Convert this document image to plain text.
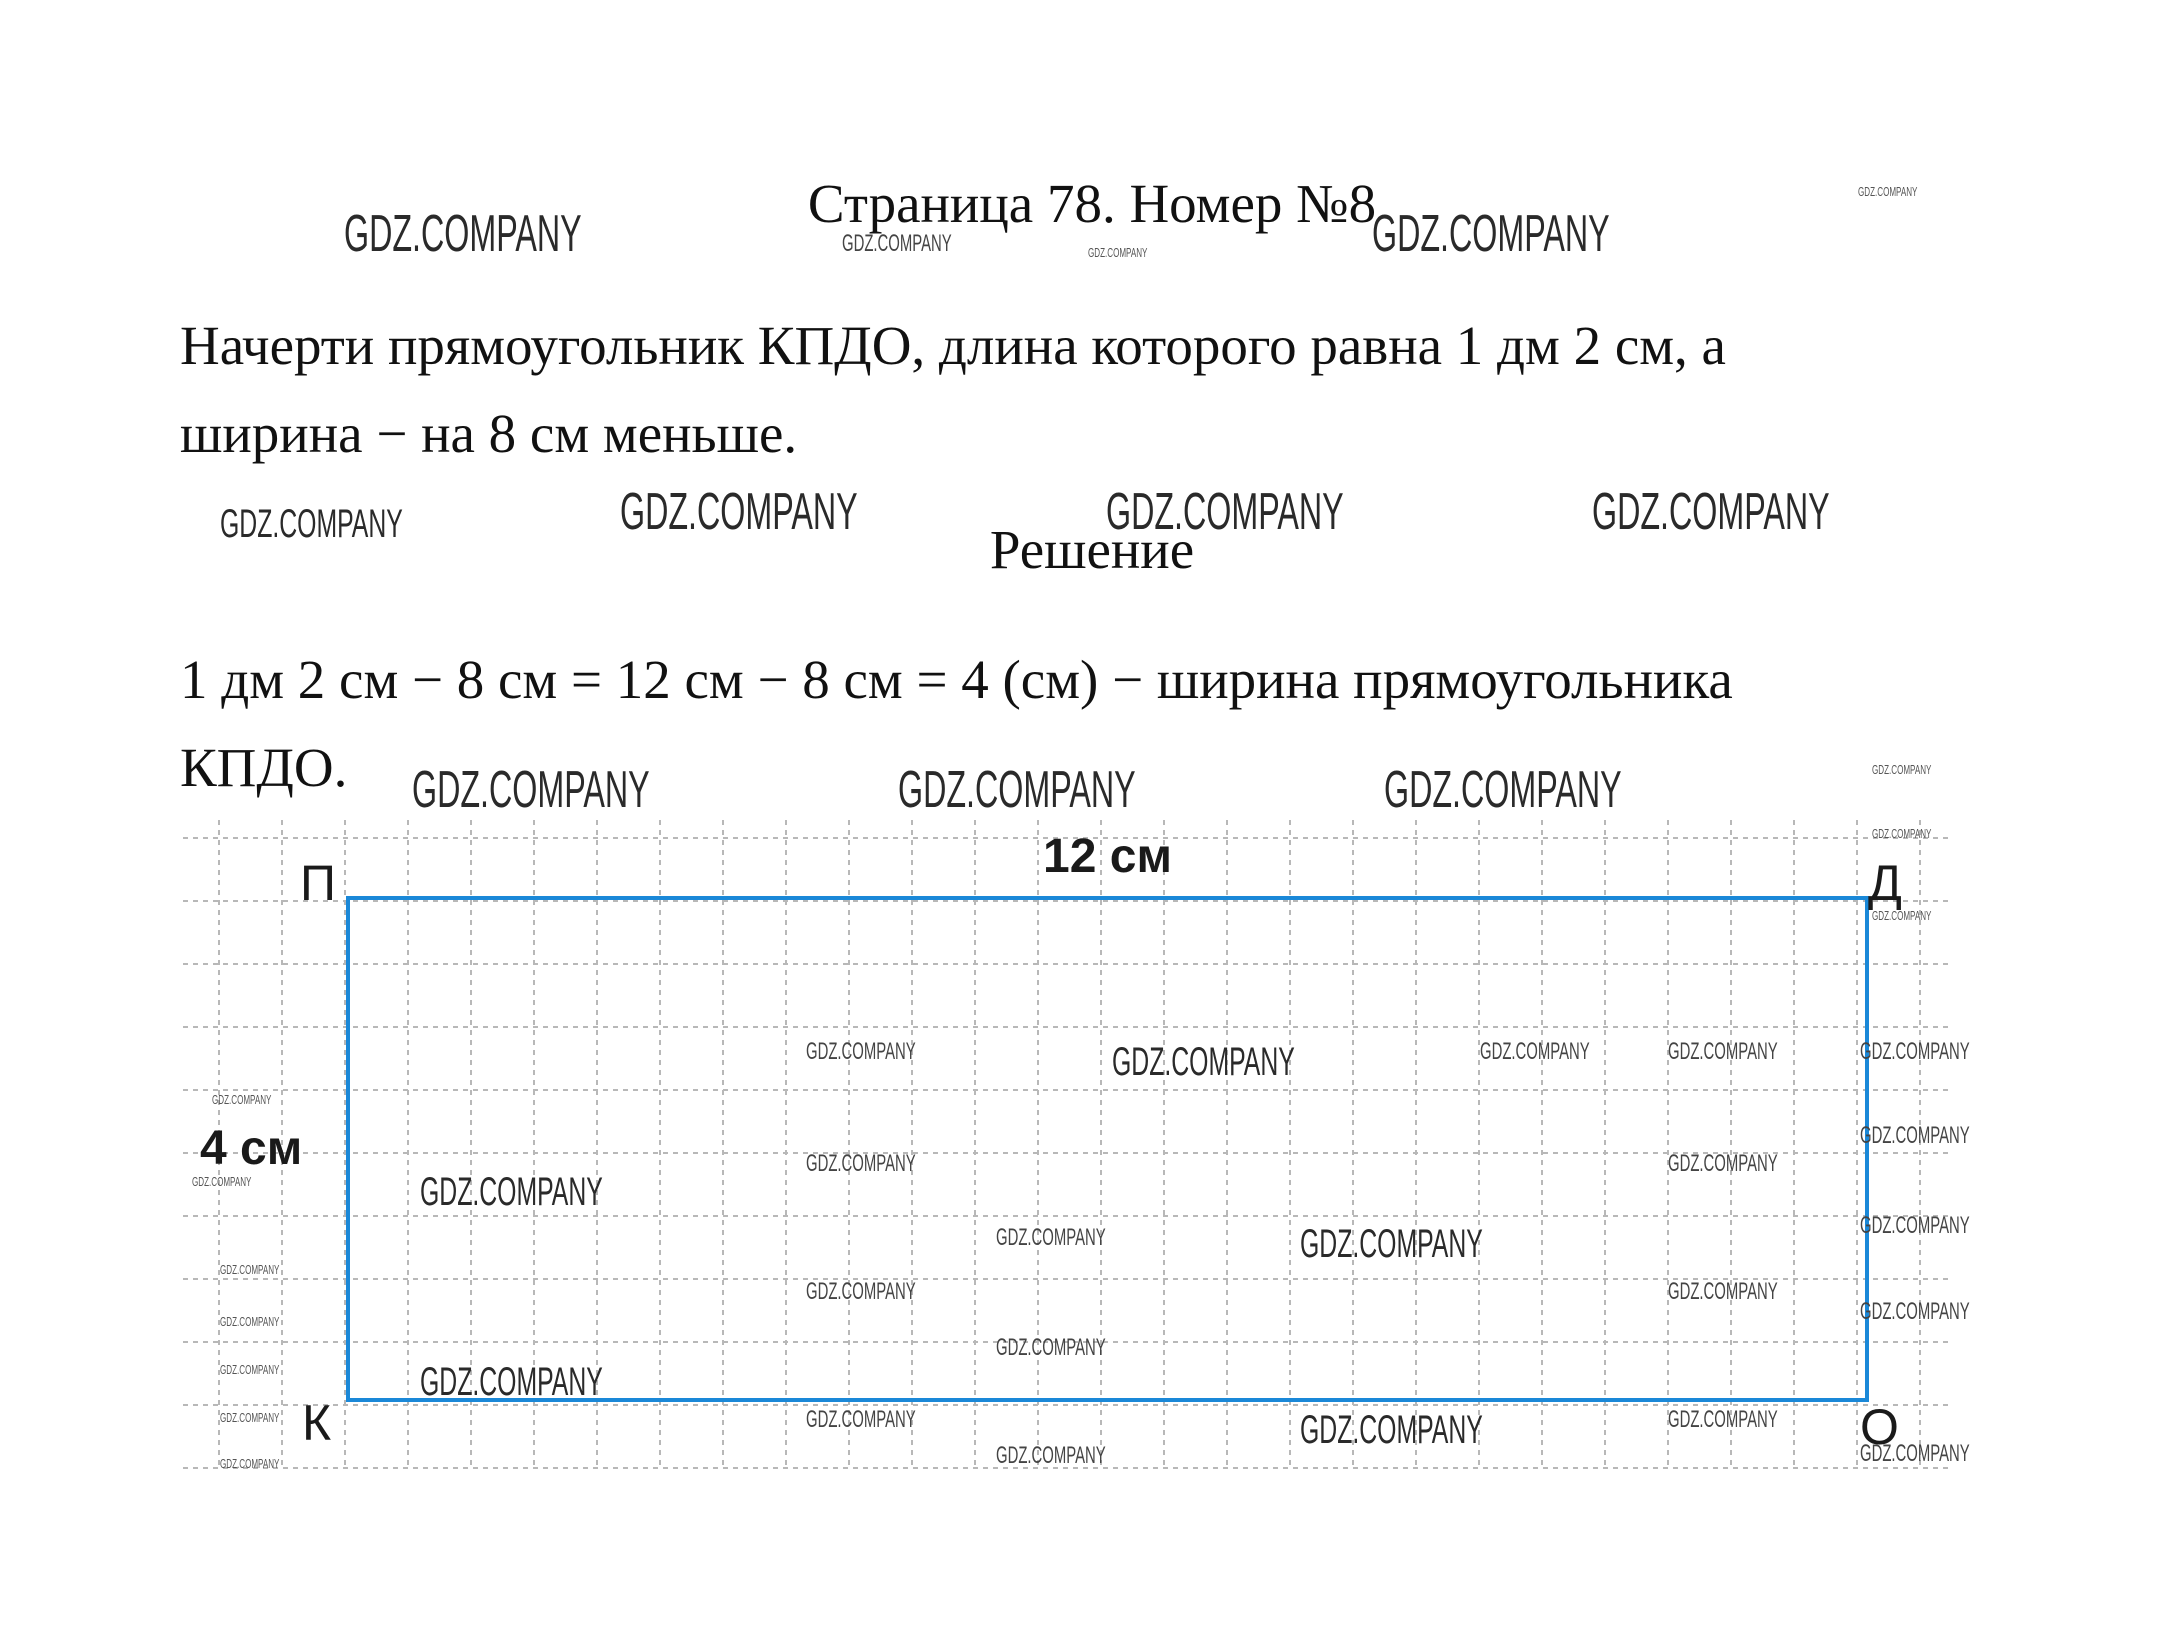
Страница 78. Номер №8
Начерти прямоугольник КПДО, длина которого равна 1 дм 2 см, а
ширина − на 8 см меньше.
Решение
1 дм 2 см − 8 см = 12 см − 8 см = 4 (см) − ширина прямоугольника
КПДО.
П	Д
К	О
12 см
4 см
GDZ.COMPANY	GDZ.COMPANY
GDZ.COMPANY	GDZ.COMPANY
GDZ.COMPANY
GDZ.COMPANY	GDZ.COMPANY	GDZ.COMPANY	GDZ.COMPANY
GDZ.COMPANY	GDZ.COMPANY	GDZ.COMPANY	GDZ.COMPANY
GDZ.COMPANY
GDZ.COMPANY
GDZ.COMPANY	GDZ.COMPANY	GDZ.COMPANY	GDZ.COMPANY	GDZ.COMPANY
GDZ.COMPANY
GDZ.COMPANY	GDZ.COMPANY
GDZ.COMPANY	GDZ.COMPANY
GDZ.COMPANY
GDZ.COMPANY	GDZ.COMPANY	GDZ.COMPANY
GDZ.COMPANY
GDZ.COMPANY	GDZ.COMPANY
GDZ.COMPANY
GDZ.COMPANY
GDZ.COMPANY
GDZ.COMPANY
GDZ.COMPANY
GDZ.COMPANY	GDZ.COMPANY	GDZ.COMPANY	GDZ.COMPANY
GDZ.COMPANY	GDZ.COMPANY
GDZ.COMPANY
